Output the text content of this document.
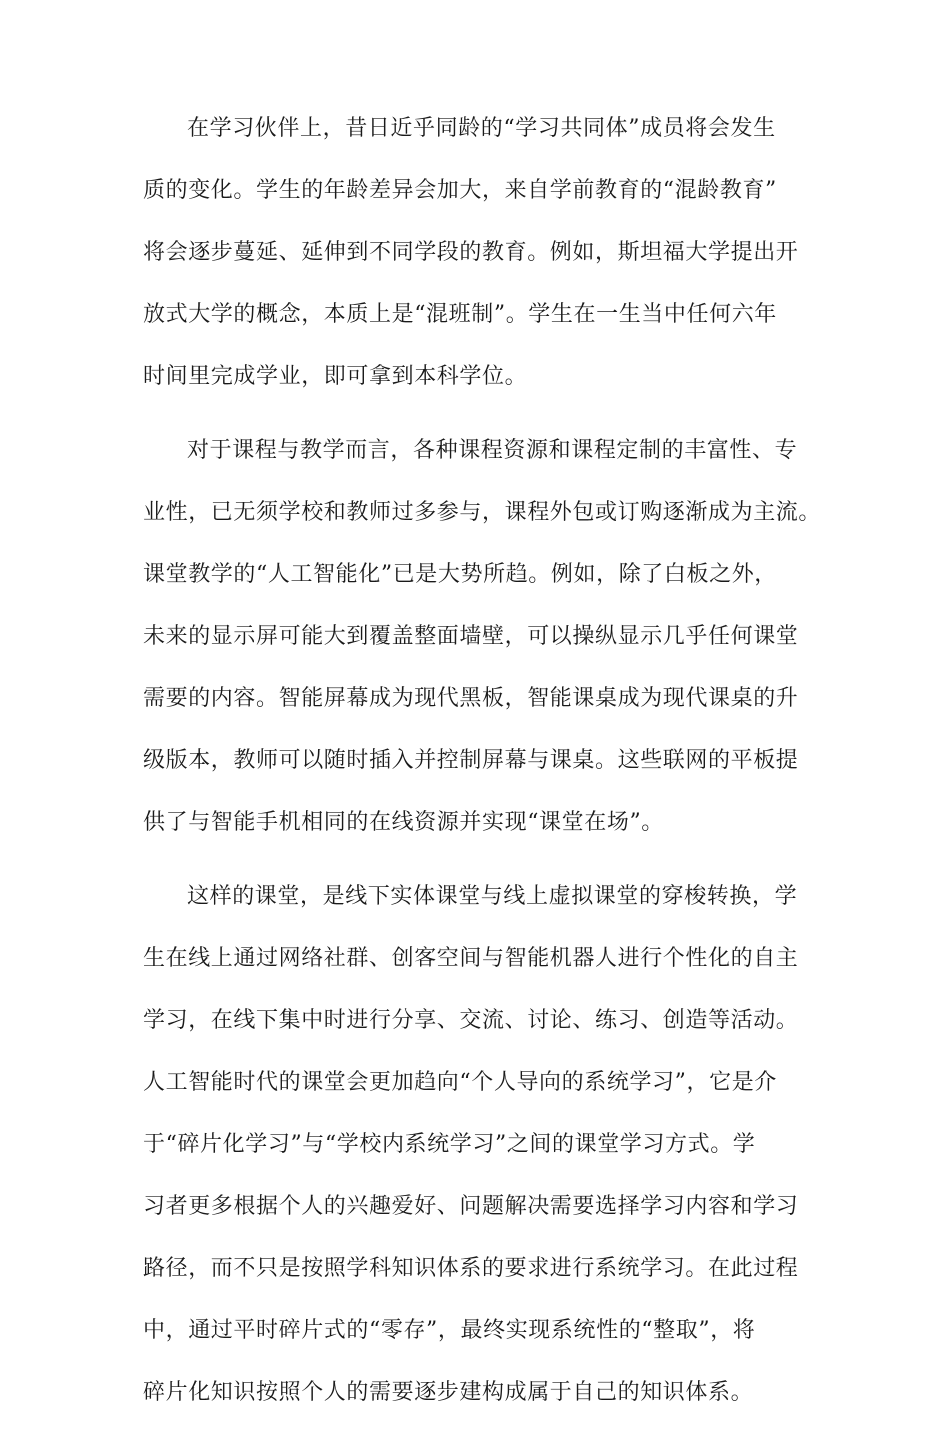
在学习伙伴上，昔日近乎同龄的“学习共同体”成员将会发生
质的变化。学生的年龄差异会加大，来自学前教育的“混龄教育”
将会逐步蔓延、延伸到不同学段的教育。例如，斯坦福大学提出开
放式大学的概念，本质上是“混班制”。学生在一生当中任何六年
时间里完成学业，即可拿到本科学位。
对于课程与教学而言，各种课程资源和课程定制的丰富性、专
业性，已无须学校和教师过多参与，课程外包或订购逐渐成为主流。
课堂教学的“人工智能化”已是大势所趋。例如，除了白板之外，
未来的显示屏可能大到覆盖整面墙壁，可以操纵显示几乎任何课堂
需要的内容。智能屏幕成为现代黑板，智能课桌成为现代课桌的升
级版本，教师可以随时插入并控制屏幕与课桌。这些联网的平板提
供了与智能手机相同的在线资源并实现“课堂在场”。
这样的课堂，是线下实体课堂与线上虚拟课堂的穿梭转换，学
生在线上通过网络社群、创客空间与智能机器人进行个性化的自主
学习，在线下集中时进行分享、交流、讨论、练习、创造等活动。
人工智能时代的课堂会更加趋向“个人导向的系统学习”，它是介
于“碎片化学习”与“学校内系统学习”之间的课堂学习方式。学
习者更多根据个人的兴趣爱好、问题解决需要选择学习内容和学习
路径，而不只是按照学科知识体系的要求进行系统学习。在此过程
中，通过平时碎片式的“零存”，最终实现系统性的“整取”，将
碎片化知识按照个人的需要逐步建构成属于自己的知识体系。
